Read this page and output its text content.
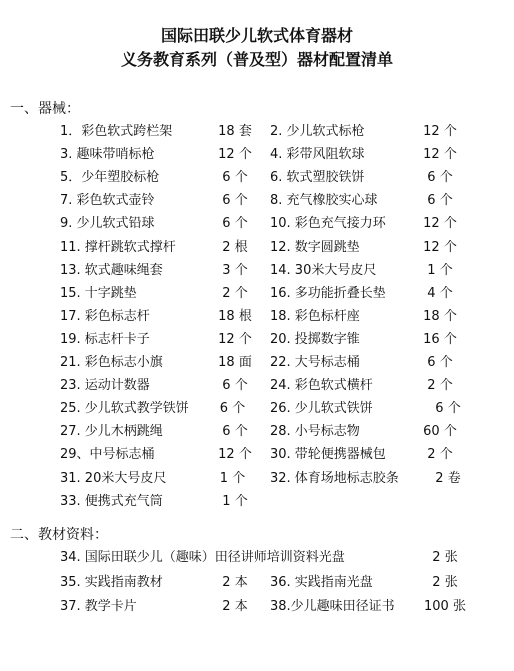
国际田联少儿软式体育器材
义务教育系列（普及型）器材配置清单
一、器械：
1．彩色软式跨栏架	18 套	2. 少儿软式标枪	12 个
3. 趣味带哨标枪	12 个	4. 彩带风阻软球	12 个
5．少年塑胶标枪	6 个	6. 软式塑胶铁饼	6 个
7. 彩色软式壶铃	6 个	8. 充气橡胶实心球	6 个
9. 少儿软式铅球	6 个	10. 彩色充气接力环	12 个
11. 撑杆跳软式撑杆	2 根	12. 数字圆跳垫	12 个
13. 软式趣味绳套	3 个	14. 30米大号皮尺	1 个
15. 十字跳垫	2 个	16. 多功能折叠长垫	4 个
17. 彩色标志杆	18 根	18. 彩色标杆座	18 个
19. 标志杆卡子	12 个	20. 投掷数字锥	16 个
21. 彩色标志小旗	18 面	22. 大号标志桶	6 个
23. 运动计数器	6 个	24. 彩色软式横杆	2 个
25. 少儿软式教学铁饼	6 个	26. 少儿软式铁饼	6 个
27. 少儿木柄跳绳	6 个	28. 小号标志物	60 个
29、中号标志桶	12 个	30. 带轮便携器械包	2 个
31. 20米大号皮尺	1 个	32. 体育场地标志胶条	2 卷
33. 便携式充气筒	1 个
二、教材资料：
34. 国际田联少儿（趣味）田径讲师培训资料光盘	2 张
35. 实践指南教材	2 本	36. 实践指南光盘	2 张
37. 教学卡片	2 本	38.少儿趣味田径证书	100 张
